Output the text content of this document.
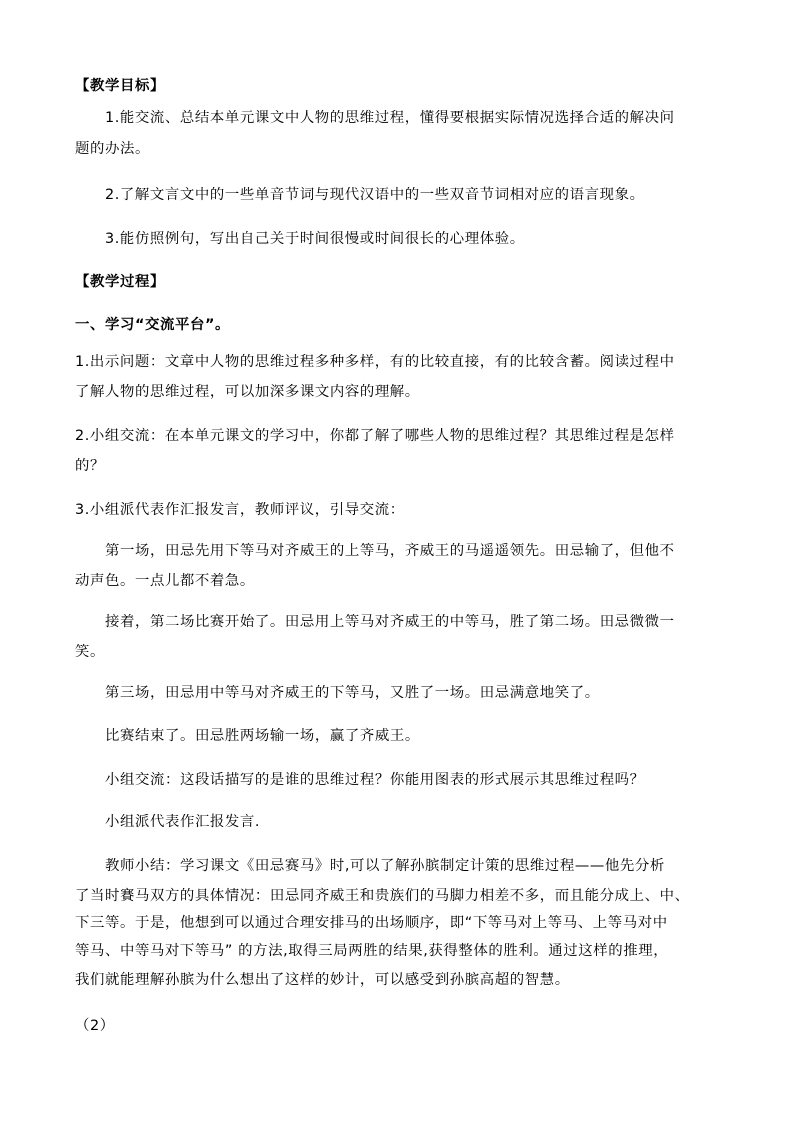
【教学目标】
1.能交流、总结本单元课文中人物的思维过程，懂得要根据实际情况选择合适的解决问
题的办法。
2.了解文言文中的一些单音节词与现代汉语中的一些双音节词相对应的语言现象。
3.能仿照例句，写出自己关于时间很慢或时间很长的心理体验。
【教学过程】
一、学习“交流平台”。
1.出示问题：文章中人物的思维过程多种多样，有的比较直接，有的比较含蓄。阅读过程中
了解人物的思维过程，可以加深多课文内容的理解。
2.小组交流：在本单元课文的学习中，你都了解了哪些人物的思维过程？其思维过程是怎样
的？
3.小组派代表作汇报发言，教师评议，引导交流：
第一场，田忌先用下等马对齐威王的上等马，齐威王的马遥遥领先。田忌输了，但他不
动声色。一点儿都不着急。
接着，第二场比赛开始了。田忌用上等马对齐威王的中等马，胜了第二场。田忌微微一
笑。
第三场，田忌用中等马对齐威王的下等马，又胜了一场。田忌满意地笑了。
比赛结束了。田忌胜两场输一场，赢了齐威王。
小组交流：这段话描写的是谁的思维过程？你能用图表的形式展示其思维过程吗？
小组派代表作汇报发言.
教师小结：学习课文《田忌赛马》时,可以了解孙膑制定计策的思维过程——他先分析
了当时賽马双方的具体情况：田忌同齐威王和贵族们的马脚力相差不多，而且能分成上、中、
下三等。于是，他想到可以通过合理安排马的出场顺序，即“下等马对上等马、上等马对中
等马、中等马对下等马” 的方法,取得三局两胜的结果,获得整体的胜利。通过这样的推理，
我们就能理解孙膑为什么想出了这样的妙计，可以感受到孙膑高超的智慧。
（2）
